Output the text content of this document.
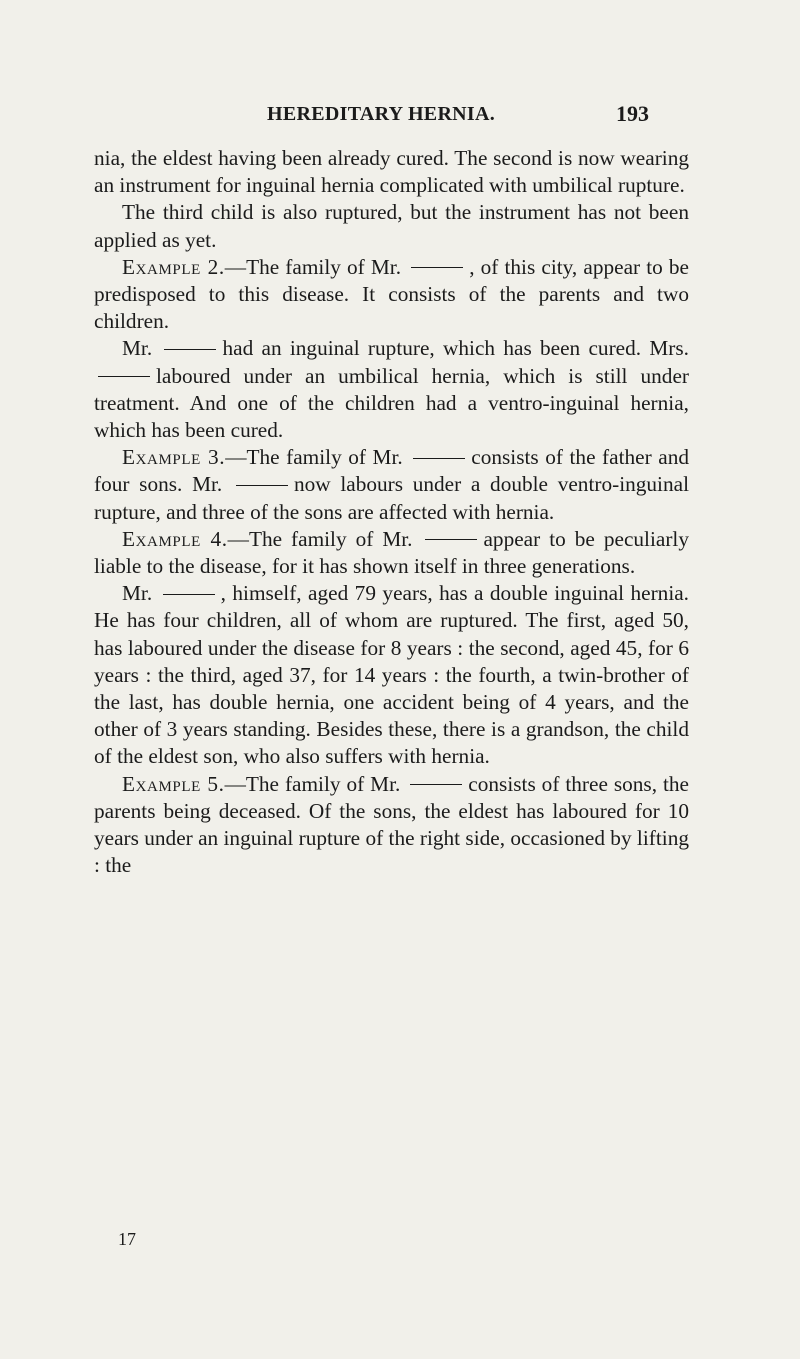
HEREDITARY HERNIA.	193

nia, the eldest having been already cured. The second is now wearing an instrument for inguinal hernia complicated with umbilical rupture.

The third child is also ruptured, but the instrument has not been applied as yet.

Example 2.—The family of Mr.	, of this city, appear to be predisposed to this disease. It consists of the parents and two children.

Mr.	had an inguinal rupture, which has been cured. Mrs. laboured under an umbilical hernia, which is still under treatment. And one of the children had a ventro-inguinal hernia, which has been cured.

Example 3.—The family of Mr.	consists of the father and four sons. Mr.	now labours under a double ventro-inguinal rupture, and three of the sons are affected with hernia.

Example 4.—The family of Mr.	appear to be peculiarly liable to the disease, for it has shown itself in three generations.

Mr.	, himself, aged 79 years, has a double inguinal hernia. He has four children, all of whom are ruptured. The first, aged 50, has laboured under the disease for 8 years : the second, aged 45, for 6 years : the third, aged 37, for 14 years : the fourth, a twin-brother of the last, has double hernia, one accident being of 4 years, and the other of 3 years standing. Besides these, there is a grandson, the child of the eldest son, who also suffers with hernia.

Example 5.—The family of Mr.	consists of three sons, the parents being deceased. Of the sons, the eldest has laboured for 10 years under an inguinal rupture of the right side, occasioned by lifting : the

17
